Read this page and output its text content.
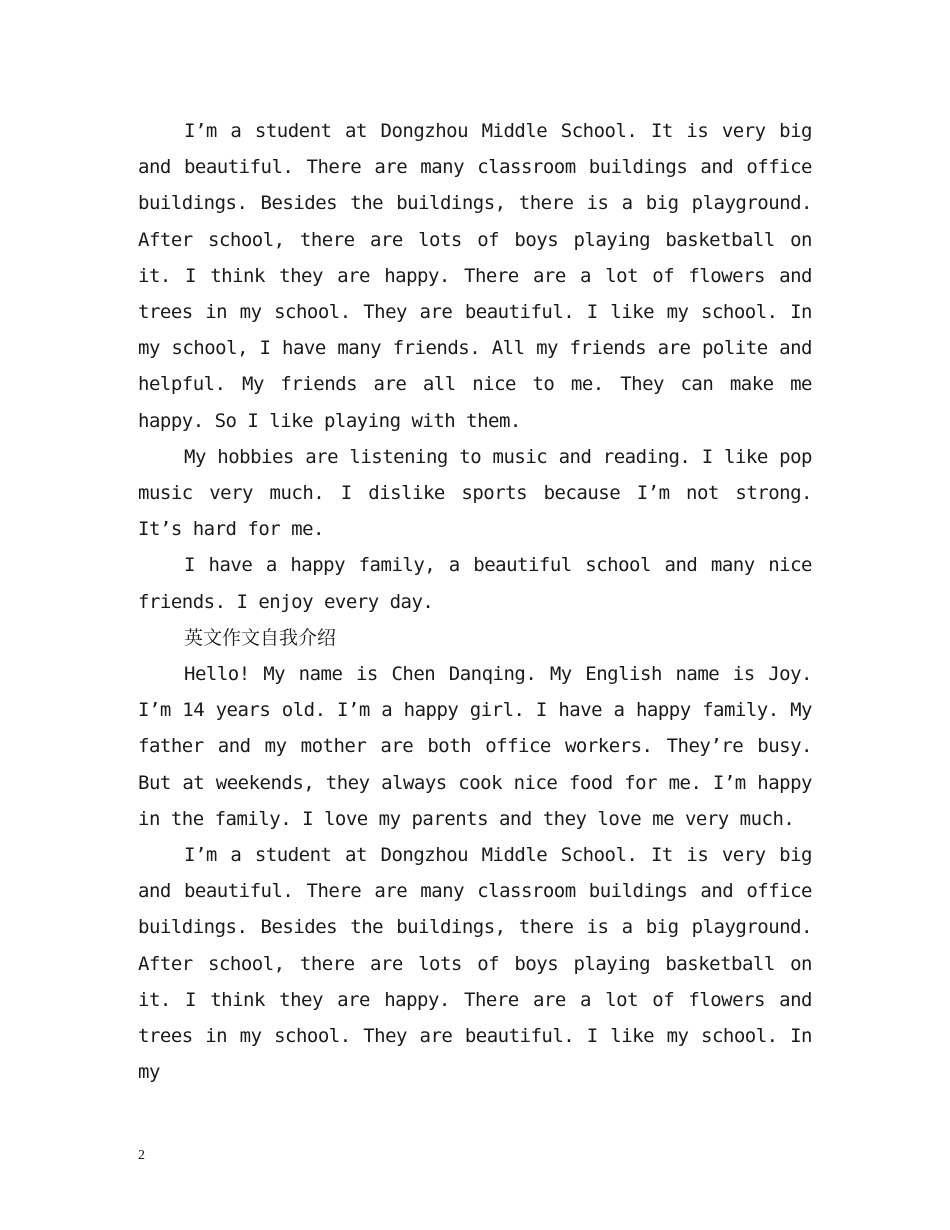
I’m a student at Dongzhou Middle School. It is very big and beautiful. There are many classroom buildings and office buildings. Besides the buildings, there is a big playground. After school, there are lots of boys playing basketball on it. I think they are happy. There are a lot of flowers and trees in my school. They are beautiful. I like my school. In my school, I have many friends. All my friends are polite and helpful. My friends are all nice to me. They can make me happy. So I like playing with them.

My hobbies are listening to music and reading. I like pop music very much. I dislike sports because I’m not strong. It’s hard for me.

I have a happy family, a beautiful school and many nice friends. I enjoy every day.

英文作文自我介绍

Hello! My name is Chen Danqing. My English name is Joy. I’m 14 years old. I’m a happy girl. I have a happy family. My father and my mother are both office workers. They’re busy. But at weekends, they always cook nice food for me. I’m happy in the family. I love my parents and they love me very much.

I’m a student at Dongzhou Middle School. It is very big and beautiful. There are many classroom buildings and office buildings. Besides the buildings, there is a big playground. After school, there are lots of boys playing basketball on it. I think they are happy. There are a lot of flowers and trees in my school. They are beautiful. I like my school. In my

2
